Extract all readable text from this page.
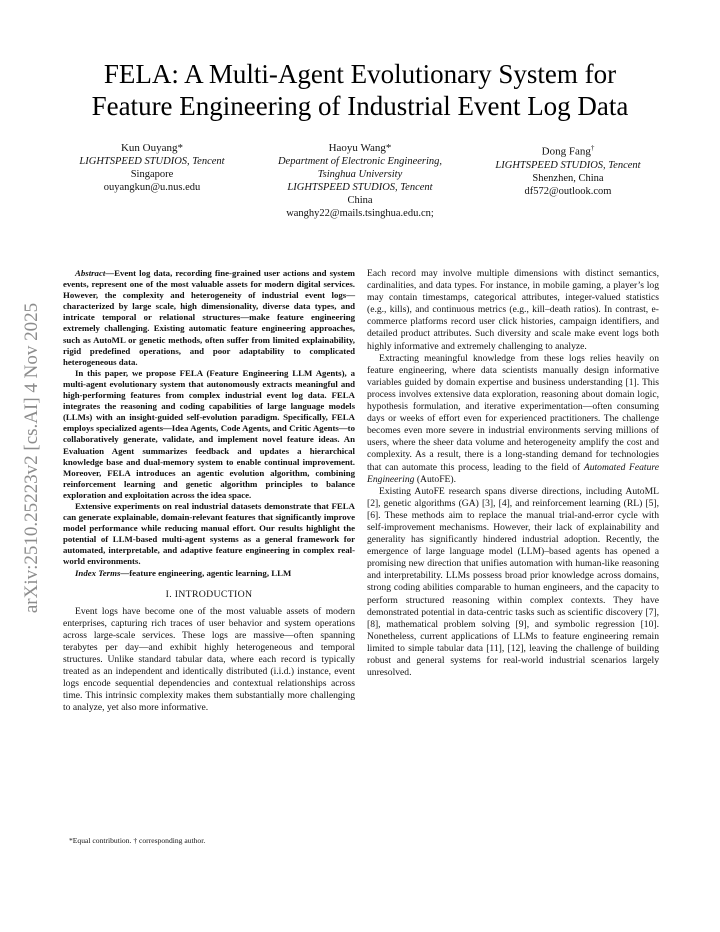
FELA: A Multi-Agent Evolutionary System for
Feature Engineering of Industrial Event Log Data
Kun Ouyang*
LIGHTSPEED STUDIOS, Tencent
Singapore
ouyangkun@u.nus.edu
Haoyu Wang*
Department of Electronic Engineering,
Tsinghua University
LIGHTSPEED STUDIOS, Tencent
China
wanghy22@mails.tsinghua.edu.cn;
Dong Fang†
LIGHTSPEED STUDIOS, Tencent
Shenzhen, China
df572@outlook.com
arXiv:2510.25223v2 [cs.AI] 4 Nov 2025

Abstract—Event log data, recording fine-grained user actions and system events, represent one of the most valuable assets for modern digital services. However, the complexity and heterogeneity of industrial event logs—characterized by large scale, high dimensionality, diverse data types, and intricate temporal or relational structures—make feature engineering extremely challenging. Existing automatic feature engineering approaches, such as AutoML or genetic methods, often suffer from limited explainability, rigid predefined operations, and poor adaptability to complicated heterogeneous data.

In this paper, we propose FELA (Feature Engineering LLM Agents), a multi-agent evolutionary system that autonomously extracts meaningful and high-performing features from complex industrial event log data. FELA integrates the reasoning and coding capabilities of large language models (LLMs) with an insight-guided self-evolution paradigm. Specifically, FELA employs specialized agents—Idea Agents, Code Agents, and Critic Agents—to collaboratively generate, validate, and implement novel feature ideas. An Evaluation Agent summarizes feedback and updates a hierarchical knowledge base and dual-memory system to enable continual improvement. Moreover, FELA introduces an agentic evolution algorithm, combining reinforcement learning and genetic algorithm principles to balance exploration and exploitation across the idea space.

Extensive experiments on real industrial datasets demonstrate that FELA can generate explainable, domain-relevant features that significantly improve model performance while reducing manual effort. Our results highlight the potential of LLM-based multi-agent systems as a general framework for automated, interpretable, and adaptive feature engineering in complex real-world environments.

Index Terms—feature engineering, agentic learning, LLM

I. INTRODUCTION

Event logs have become one of the most valuable assets of modern enterprises, capturing rich traces of user behavior and system operations across large-scale services. These logs are massive—often spanning terabytes per day—and exhibit highly heterogeneous and temporal structures. Unlike standard tabular data, where each record is typically treated as an independent and identically distributed (i.i.d.) instance, event logs encode sequential dependencies and contextual relationships across time. This intrinsic complexity makes them substantially more challenging to analyze, yet also more informative.

*Equal contribution. † corresponding author.

Each record may involve multiple dimensions with distinct semantics, cardinalities, and data types. For instance, in mobile gaming, a player’s log may contain timestamps, categorical attributes, integer-valued statistics (e.g., kills), and continuous metrics (e.g., kill–death ratios). In contrast, e-commerce platforms record user click histories, campaign identifiers, and detailed product attributes. Such diversity and scale make event logs both highly informative and extremely challenging to analyze.

Extracting meaningful knowledge from these logs relies heavily on feature engineering, where data scientists manually design informative variables guided by domain expertise and business understanding [1]. This process involves extensive data exploration, reasoning about domain logic, hypothesis formulation, and iterative experimentation—often consuming days or weeks of effort even for experienced practitioners. The challenge becomes even more severe in industrial environments serving millions of users, where the sheer data volume and heterogeneity amplify the cost and complexity. As a result, there is a long-standing demand for technologies that can automate this process, leading to the field of Automated Feature Engineering (AutoFE).

Existing AutoFE research spans diverse directions, including AutoML [2], genetic algorithms (GA) [3], [4], and reinforcement learning (RL) [5], [6]. These methods aim to replace the manual trial-and-error cycle with self-improvement mechanisms. However, their lack of explainability and generality has significantly hindered industrial adoption. Recently, the emergence of large language model (LLM)–based agents has opened a promising new direction that unifies automation with human-like reasoning and interpretability. LLMs possess broad prior knowledge across domains, strong coding abilities comparable to human engineers, and the capacity to perform structured reasoning within complex contexts. They have demonstrated potential in data-centric tasks such as scientific discovery [7], [8], mathematical problem solving [9], and symbolic regression [10]. Nonetheless, current applications of LLMs to feature engineering remain limited to simple tabular data [11], [12], leaving the challenge of building robust and general systems for real-world industrial scenarios largely unresolved.
